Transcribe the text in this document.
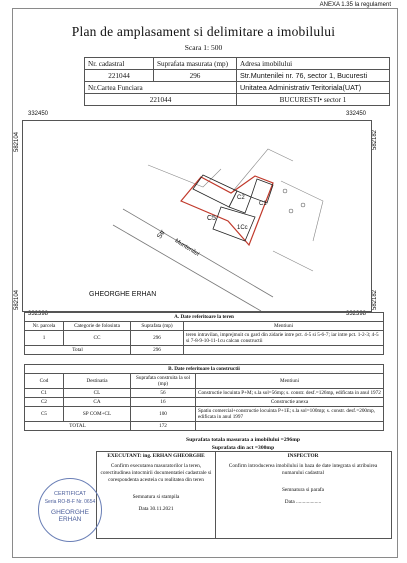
ANEXA 1.35 la regulament
Plan de amplasament si delimitare a imobilului
Scara 1: 500
Nr. cadastral	Suprafata masurata (mp)	Adresa imobilului
221044	296	Str.Muntenilei nr. 76, sector 1, Bucuresti
Nr.Cartea Funciara		Unitatea Administrativ Teritoriala(UAT)
221044		BUCURESTI• sector 1
332450	332450
332398	332398
582104
582104
582182
582182
C5
C2
C1
1Cc
Str
Muntenilei
GHEORGHE ERHAN
A. Date referitoare la teren			
Nr. parcela	Categorie de folosinta	Suprafata (mp)	Mentiuni
1	CC	296	teren intravilan, imprejmuit cu gard din zidarie intre pct. 4-5 si 5-6-7; iar intre pct. 1-2-3; 4-5 si 7-8-9-10-11-1cu calcan constructii
Total		296	
B. Date referitoare la constructii			
Cod	Destinatia	Suprafata construita la sol (mp)	Mentiuni
C1	CL	56	Constructie locuinta P+M; s.la sol=56mp; s. constr. desf.=126mp, edificata in anul 1972
C2	CA	16	Constructie anexa
C5	SP COM+CL	100	Spatiu comercial+constructie locuinta P+1E; s.la sol=100mp; s. constr. desf.=200mp, edificata in anul 1997
TOTAL		172	
Suprafata totala masurata a imobilului =296mp
Suprafata din act =300mp
EXECUTANT: ing. ERHAN GHEORGHE
Confirm executarea masuratorilor la teren, corectitudinea intocmirii documentatiei cadastrale si corespondenta acesteia cu realitatea din teren
Semnatura si stampila
Data 30.11.2021
INSPECTOR
Confirm introducerea imobilului in baza de date integrata si atribuirea numarului cadastral
Semnatura si parafa
Data ...................
CERTIFICAT
Seria RO-B-F Nr. 0654
GHEORGHE
ERHAN
